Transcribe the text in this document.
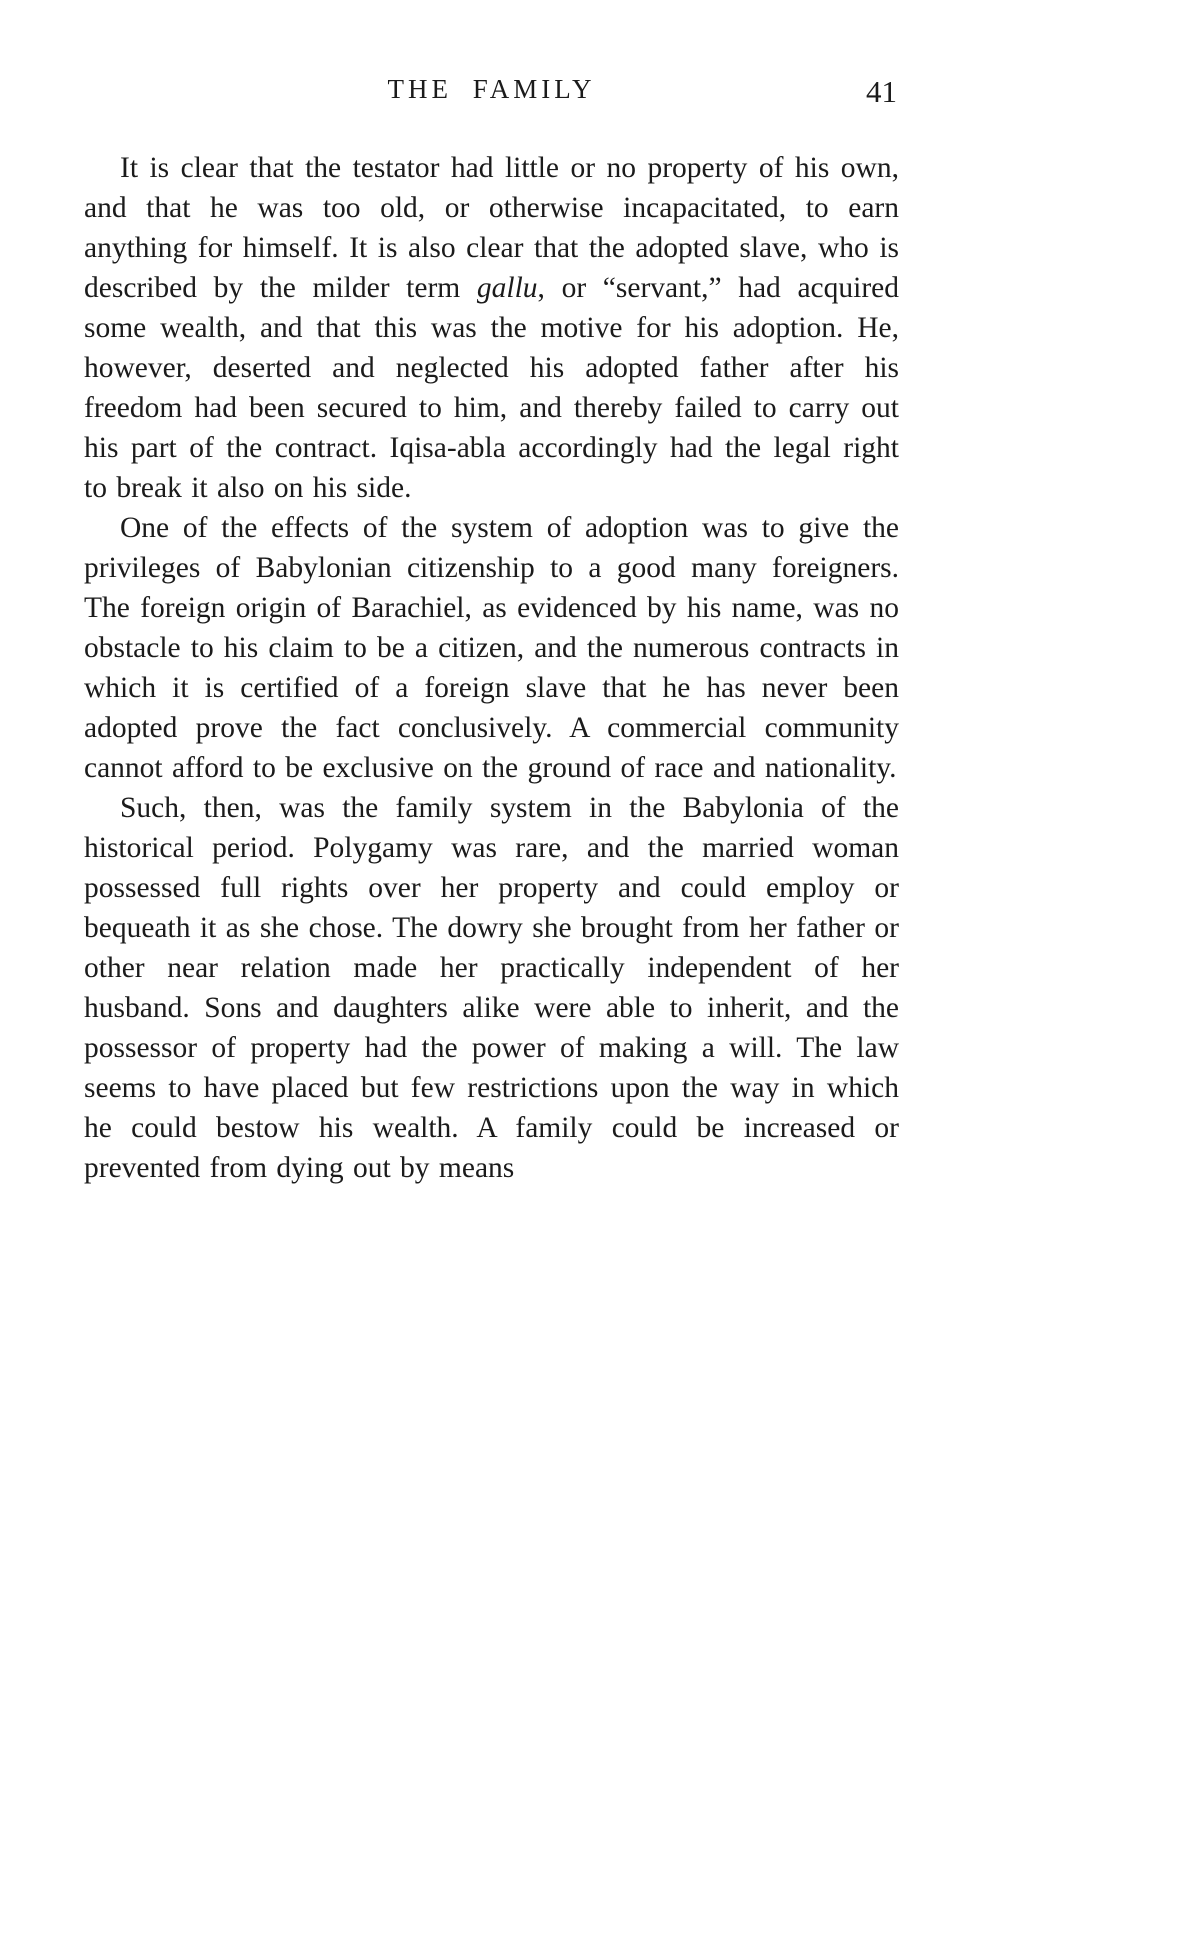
THE FAMILY	41

It is clear that the testator had little or no property of his own, and that he was too old, or otherwise incapacitated, to earn anything for himself. It is also clear that the adopted slave, who is described by the milder term gallu, or “servant,” had acquired some wealth, and that this was the motive for his adoption. He, however, deserted and neglected his adopted father after his freedom had been secured to him, and thereby failed to carry out his part of the contract. Iqisa-abla accordingly had the legal right to break it also on his side.

One of the effects of the system of adoption was to give the privileges of Babylonian citizenship to a good many foreigners. The foreign origin of Barachiel, as evidenced by his name, was no obstacle to his claim to be a citizen, and the numerous contracts in which it is certified of a foreign slave that he has never been adopted prove the fact conclusively. A commercial community cannot afford to be exclusive on the ground of race and nationality.

Such, then, was the family system in the Babylonia of the historical period. Polygamy was rare, and the married woman possessed full rights over her property and could employ or bequeath it as she chose. The dowry she brought from her father or other near relation made her practically independent of her husband. Sons and daughters alike were able to inherit, and the possessor of property had the power of making a will. The law seems to have placed but few restrictions upon the way in which he could bestow his wealth. A family could be increased or prevented from dying out by means
